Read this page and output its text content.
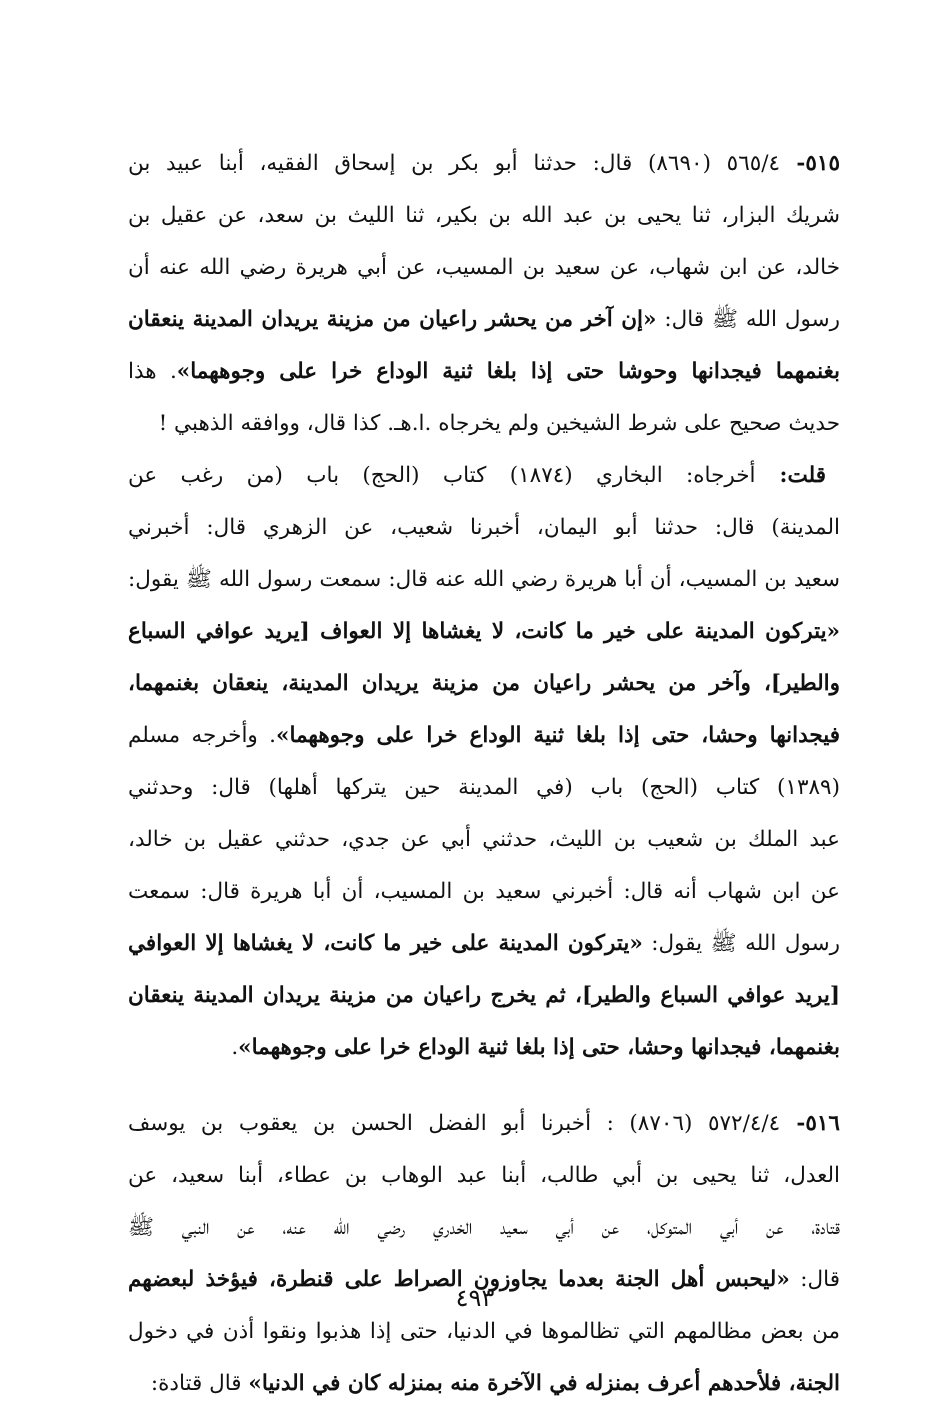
٥١٥- ٥٦٥/٤ (٨٦٩٠) قال: حدثنا أبو بكر بن إسحاق الفقيه، أبنا عبيد بن
شريك البزار، ثنا يحيى بن عبد الله بن بكير، ثنا الليث بن سعد، عن عقيل بن
خالد، عن ابن شهاب، عن سعيد بن المسيب، عن أبي هريرة رضي الله عنه أن
رسول الله ﷺ قال: «إن آخر من يحشر راعيان من مزينة يريدان المدينة ينعقان
بغنمهما فيجدانها وحوشا حتى إذا بلغا ثنية الوداع خرا على وجوههما». هذا
حديث صحيح على شرط الشيخين ولم يخرجاه .ا.هـ. كذا قال، ووافقه الذهبي !
قلت: أخرجاه: البخاري (١٨٧٤) كتاب (الحج) باب (من رغب عن
المدينة) قال: حدثنا أبو اليمان، أخبرنا شعيب، عن الزهري قال: أخبرني
سعيد بن المسيب، أن أبا هريرة رضي الله عنه قال: سمعت رسول الله ﷺ يقول:
«يتركون المدينة على خير ما كانت، لا يغشاها إلا العواف [يريد عوافي السباع
والطير]، وآخر من يحشر راعيان من مزينة يريدان المدينة، ينعقان بغنمهما،
فيجدانها وحشا، حتى إذا بلغا ثنية الوداع خرا على وجوههما». وأخرجه مسلم
(١٣٨٩) كتاب (الحج) باب (في المدينة حين يتركها أهلها) قال: وحدثني
عبد الملك بن شعيب بن الليث، حدثني أبي عن جدي، حدثني عقيل بن خالد،
عن ابن شهاب أنه قال: أخبرني سعيد بن المسيب، أن أبا هريرة قال: سمعت
رسول الله ﷺ يقول: «يتركون المدينة على خير ما كانت، لا يغشاها إلا العوافي
[يريد عوافي السباع والطير]، ثم يخرج راعيان من مزينة يريدان المدينة ينعقان
بغنمهما، فيجدانها وحشا، حتى إذا بلغا ثنية الوداع خرا على وجوههما».
٥١٦- ٥٧٢/٤/٤ (٨٧٠٦) : أخبرنا أبو الفضل الحسن بن يعقوب بن يوسف
العدل، ثنا يحيى بن أبي طالب، أبنا عبد الوهاب بن عطاء، أبنا سعيد، عن
قتادة، عن أبي المتوكل، عن أبي سعيد الخدري رضي الله عنه، عن النبي ﷺ
قال: «ليحبس أهل الجنة بعدما يجاوزون الصراط على قنطرة، فيؤخذ لبعضهم
من بعض مظالمهم التي تظالموها في الدنيا، حتى إذا هذبوا ونقوا أذن في دخول
الجنة، فلأحدهم أعرف بمنزله في الآخرة منه بمنزله كان في الدنيا» قال قتادة:
٤٩٣
